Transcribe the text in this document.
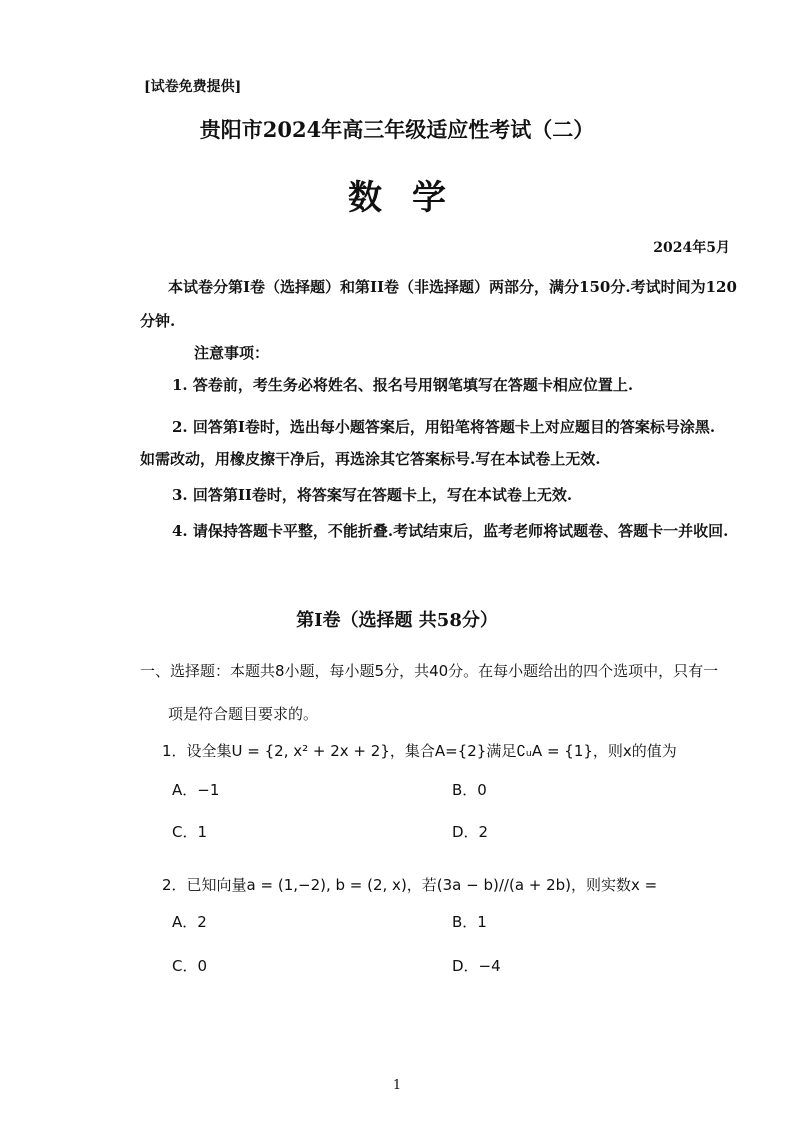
[试卷免费提供]
贵阳市2024年高三年级适应性考试（二）
数学
2024年5月
本试卷分第I卷（选择题）和第II卷（非选择题）两部分，满分150分.考试时间为120分钟.
注意事项：
1. 答卷前，考生务必将姓名、报名号用钢笔填写在答题卡相应位置上.
2. 回答第I卷时，选出每小题答案后，用铅笔将答题卡上对应题目的答案标号涂黑.
如需改动，用橡皮擦干净后，再选涂其它答案标号.写在本试卷上无效.
3. 回答第II卷时，将答案写在答题卡上，写在本试卷上无效.
4. 请保持答题卡平整，不能折叠.考试结束后，监考老师将试题卷、答题卡一并收回.
第I卷（选择题 共58分）
一、选择题：本题共8小题，每小题5分，共40分。在每小题给出的四个选项中，只有一
项是符合题目要求的。
1．设全集U = {2, x² + 2x + 2}，集合A={2}满足∁ᵤA = {1}，则x的值为
A．−1	B．0
C．1	D．2
2．已知向量a = (1,−2), b = (2, x)，若(3a − b)//(a + 2b)，则实数x =
A．2	B．1
C．0	D．−4
1
